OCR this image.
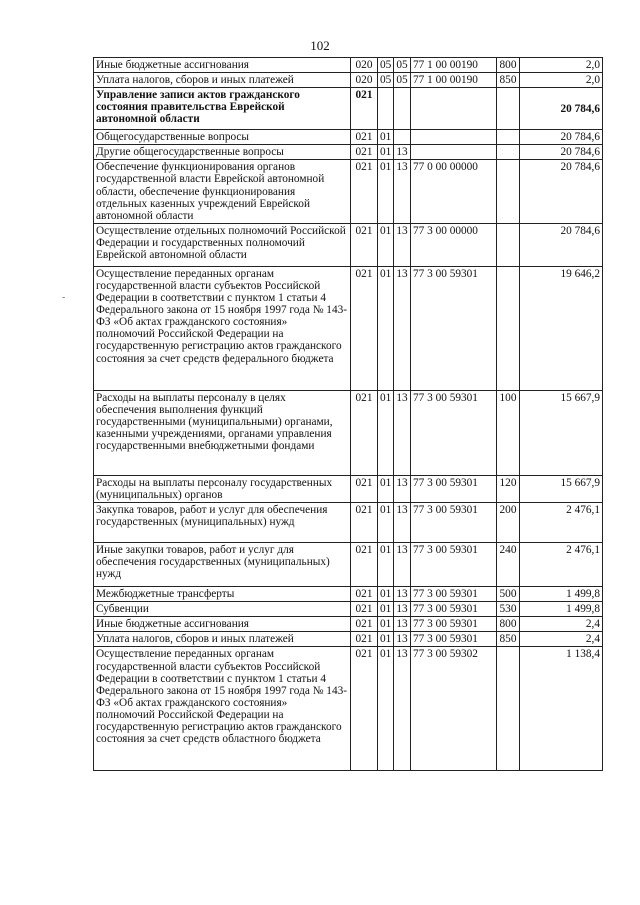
102
-
Иные бюджетные ассигнования	020	05	05	77 1 00 00190	800	2,0
Уплата налогов, сборов и иных платежей	020	05	05	77 1 00 00190	850	2,0
Управление записи актов гражданского состояния правительства Еврейской автономной области	021					20 784,6
Общегосударственные вопросы	021	01				20 784,6
Другие общегосударственные вопросы	021	01	13			20 784,6
Обеспечение функционирования органов государственной власти Еврейской автономной области, обеспечение функционирования отдельных казенных учреждений Еврейской автономной области	021	01	13	77 0 00 00000		20 784,6
Осуществление отдельных полномочий Российской Федерации и государственных полномочий Еврейской автономной области	021	01	13	77 3 00 00000		20 784,6
Осуществление переданных органам государственной власти субъектов Российской Федерации в соответствии с пунктом 1 статьи 4 Федерального закона от 15 ноября 1997 года № 143-ФЗ «Об актах гражданского состояния» полномочий Российской Федерации на государственную регистрацию актов гражданского состояния за счет средств федерального бюджета	021	01	13	77 3 00 59301		19 646,2
Расходы на выплаты персоналу в целях обеспечения выполнения функций государственными (муниципальными) органами, казенными учреждениями, органами управления государственными внебюджетными фондами	021	01	13	77 3 00 59301	100	15 667,9
Расходы на выплаты персоналу государственных (муниципальных) органов	021	01	13	77 3 00 59301	120	15 667,9
Закупка товаров, работ и услуг для обеспечения государственных (муниципальных) нужд	021	01	13	77 3 00 59301	200	2 476,1
Иные закупки товаров, работ и услуг для обеспечения государственных (муниципальных) нужд	021	01	13	77 3 00 59301	240	2 476,1
Межбюджетные трансферты	021	01	13	77 3 00 59301	500	1 499,8
Субвенции	021	01	13	77 3 00 59301	530	1 499,8
Иные бюджетные ассигнования	021	01	13	77 3 00 59301	800	2,4
Уплата налогов, сборов и иных платежей	021	01	13	77 3 00 59301	850	2,4
Осуществление переданных органам государственной власти субъектов Российской Федерации в соответствии с пунктом 1 статьи 4 Федерального закона от 15 ноября 1997 года № 143-ФЗ «Об актах гражданского состояния» полномочий Российской Федерации на государственную регистрацию актов гражданского состояния за счет средств областного бюджета	021	01	13	77 3 00 59302		1 138,4
